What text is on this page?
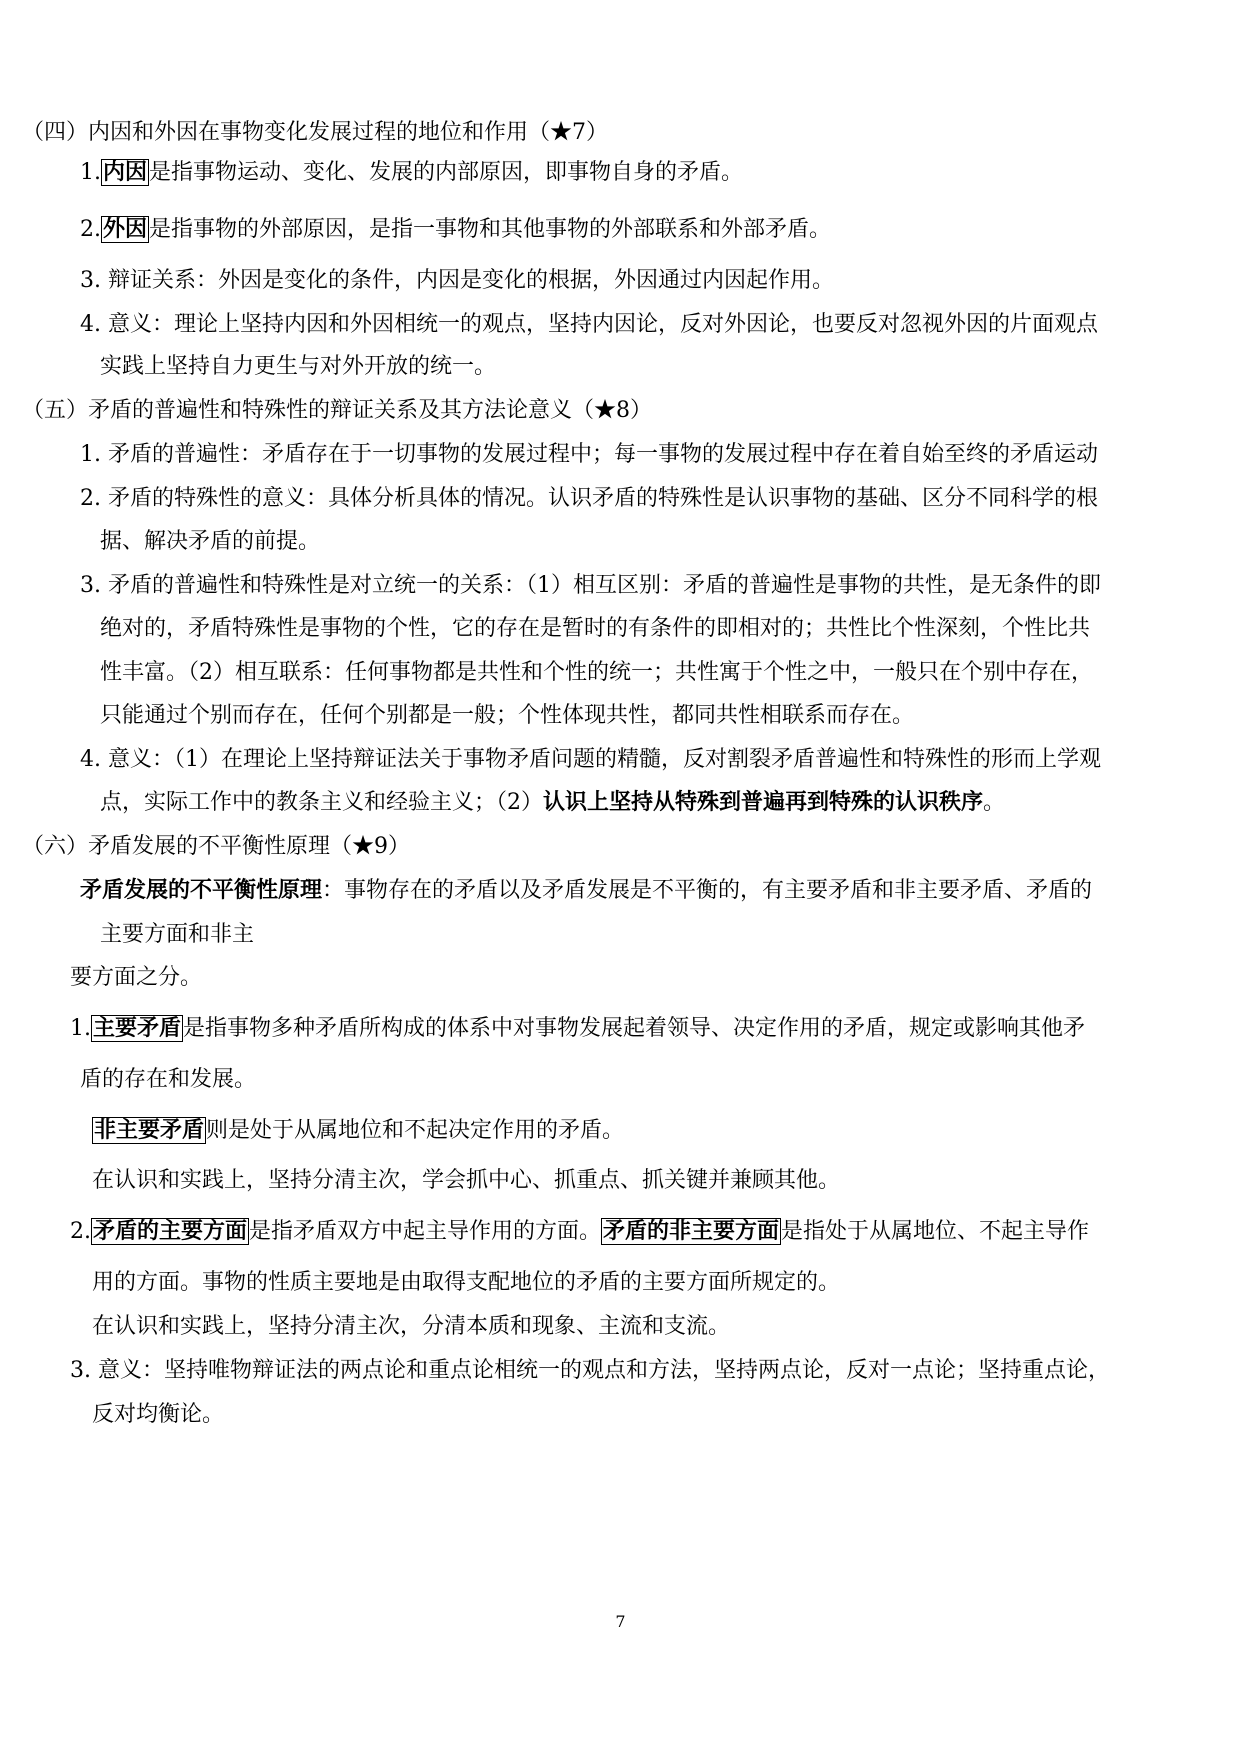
（四）内因和外因在事物变化发展过程的地位和作用（★7）
1.内因是指事物运动、变化、发展的内部原因，即事物自身的矛盾。
2.外因是指事物的外部原因，是指一事物和其他事物的外部联系和外部矛盾。
3. 辩证关系：外因是变化的条件，内因是变化的根据，外因通过内因起作用。
4. 意义：理论上坚持内因和外因相统一的观点，坚持内因论，反对外因论，也要反对忽视外因的片面观点
实践上坚持自力更生与对外开放的统一。
（五）矛盾的普遍性和特殊性的辩证关系及其方法论意义（★8）
1. 矛盾的普遍性：矛盾存在于一切事物的发展过程中；每一事物的发展过程中存在着自始至终的矛盾运动
2. 矛盾的特殊性的意义：具体分析具体的情况。认识矛盾的特殊性是认识事物的基础、区分不同科学的根
据、解决矛盾的前提。
3. 矛盾的普遍性和特殊性是对立统一的关系：（1）相互区别：矛盾的普遍性是事物的共性，是无条件的即
绝对的，矛盾特殊性是事物的个性，它的存在是暂时的有条件的即相对的；共性比个性深刻，个性比共
性丰富。（2）相互联系：任何事物都是共性和个性的统一；共性寓于个性之中，一般只在个别中存在，
只能通过个别而存在，任何个别都是一般；个性体现共性，都同共性相联系而存在。
4. 意义：（1）在理论上坚持辩证法关于事物矛盾问题的精髓，反对割裂矛盾普遍性和特殊性的形而上学观
点，实际工作中的教条主义和经验主义；（2）认识上坚持从特殊到普遍再到特殊的认识秩序。
（六）矛盾发展的不平衡性原理（★9）
矛盾发展的不平衡性原理：事物存在的矛盾以及矛盾发展是不平衡的，有主要矛盾和非主要矛盾、矛盾的
主要方面和非主
要方面之分。
1.主要矛盾是指事物多种矛盾所构成的体系中对事物发展起着领导、决定作用的矛盾，规定或影响其他矛
盾的存在和发展。
非主要矛盾则是处于从属地位和不起决定作用的矛盾。
在认识和实践上，坚持分清主次，学会抓中心、抓重点、抓关键并兼顾其他。
2.矛盾的主要方面是指矛盾双方中起主导作用的方面。矛盾的非主要方面是指处于从属地位、不起主导作
用的方面。事物的性质主要地是由取得支配地位的矛盾的主要方面所规定的。
在认识和实践上，坚持分清主次，分清本质和现象、主流和支流。
3. 意义：坚持唯物辩证法的两点论和重点论相统一的观点和方法，坚持两点论，反对一点论；坚持重点论，
反对均衡论。
7
